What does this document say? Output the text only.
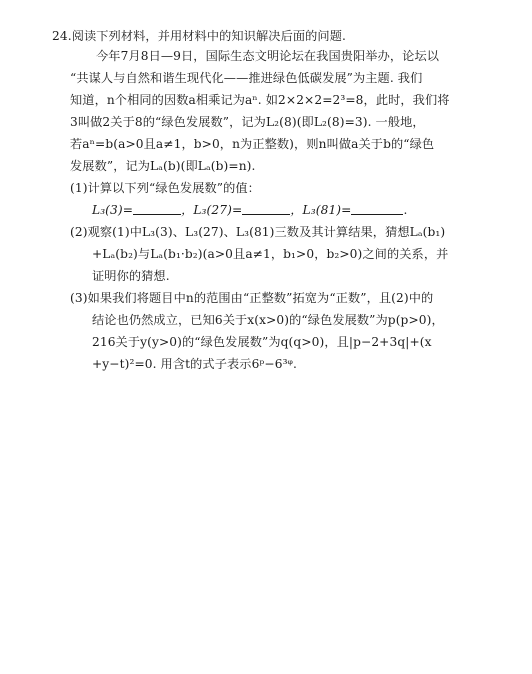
24.阅读下列材料，并用材料中的知识解决后面的问题.
今年7月8日—9日，国际生态文明论坛在我国贵阳举办，论坛以
“共谋人与自然和谐生现代化——推进绿色低碳发展”为主题. 我们
知道，n个相同的因数a相乘记为aⁿ. 如2×2×2=2³=8，此时，我们将
3叫做2关于8的“绿色发展数”，记为L₂(8)(即L₂(8)=3). 一般地，
若aⁿ=b(a>0且a≠1，b>0，n为正整数)，则n叫做a关于b的“绿色
发展数”，记为Lₐ(b)(即Lₐ(b)=n).
(1)计算以下列“绿色发展数”的值：
L₃(3)=	，L₃(27)=	，L₃(81)=	.
(2)观察(1)中L₃(3)、L₃(27)、L₃(81)三数及其计算结果，猜想Lₐ(b₁)
+Lₐ(b₂)与Lₐ(b₁·b₂)(a>0且a≠1，b₁>0，b₂>0)之间的关系，并
证明你的猜想.
(3)如果我们将题目中n的范围由“正整数”拓宽为“正数”，且(2)中的
结论也仍然成立，已知6关于x(x>0)的“绿色发展数”为p(p>0)，
216关于y(y>0)的“绿色发展数”为q(q>0)，且|p−2+3q|+(x
+y−t)²=0. 用含t的式子表示6ᵖ−6³ᵠ.
